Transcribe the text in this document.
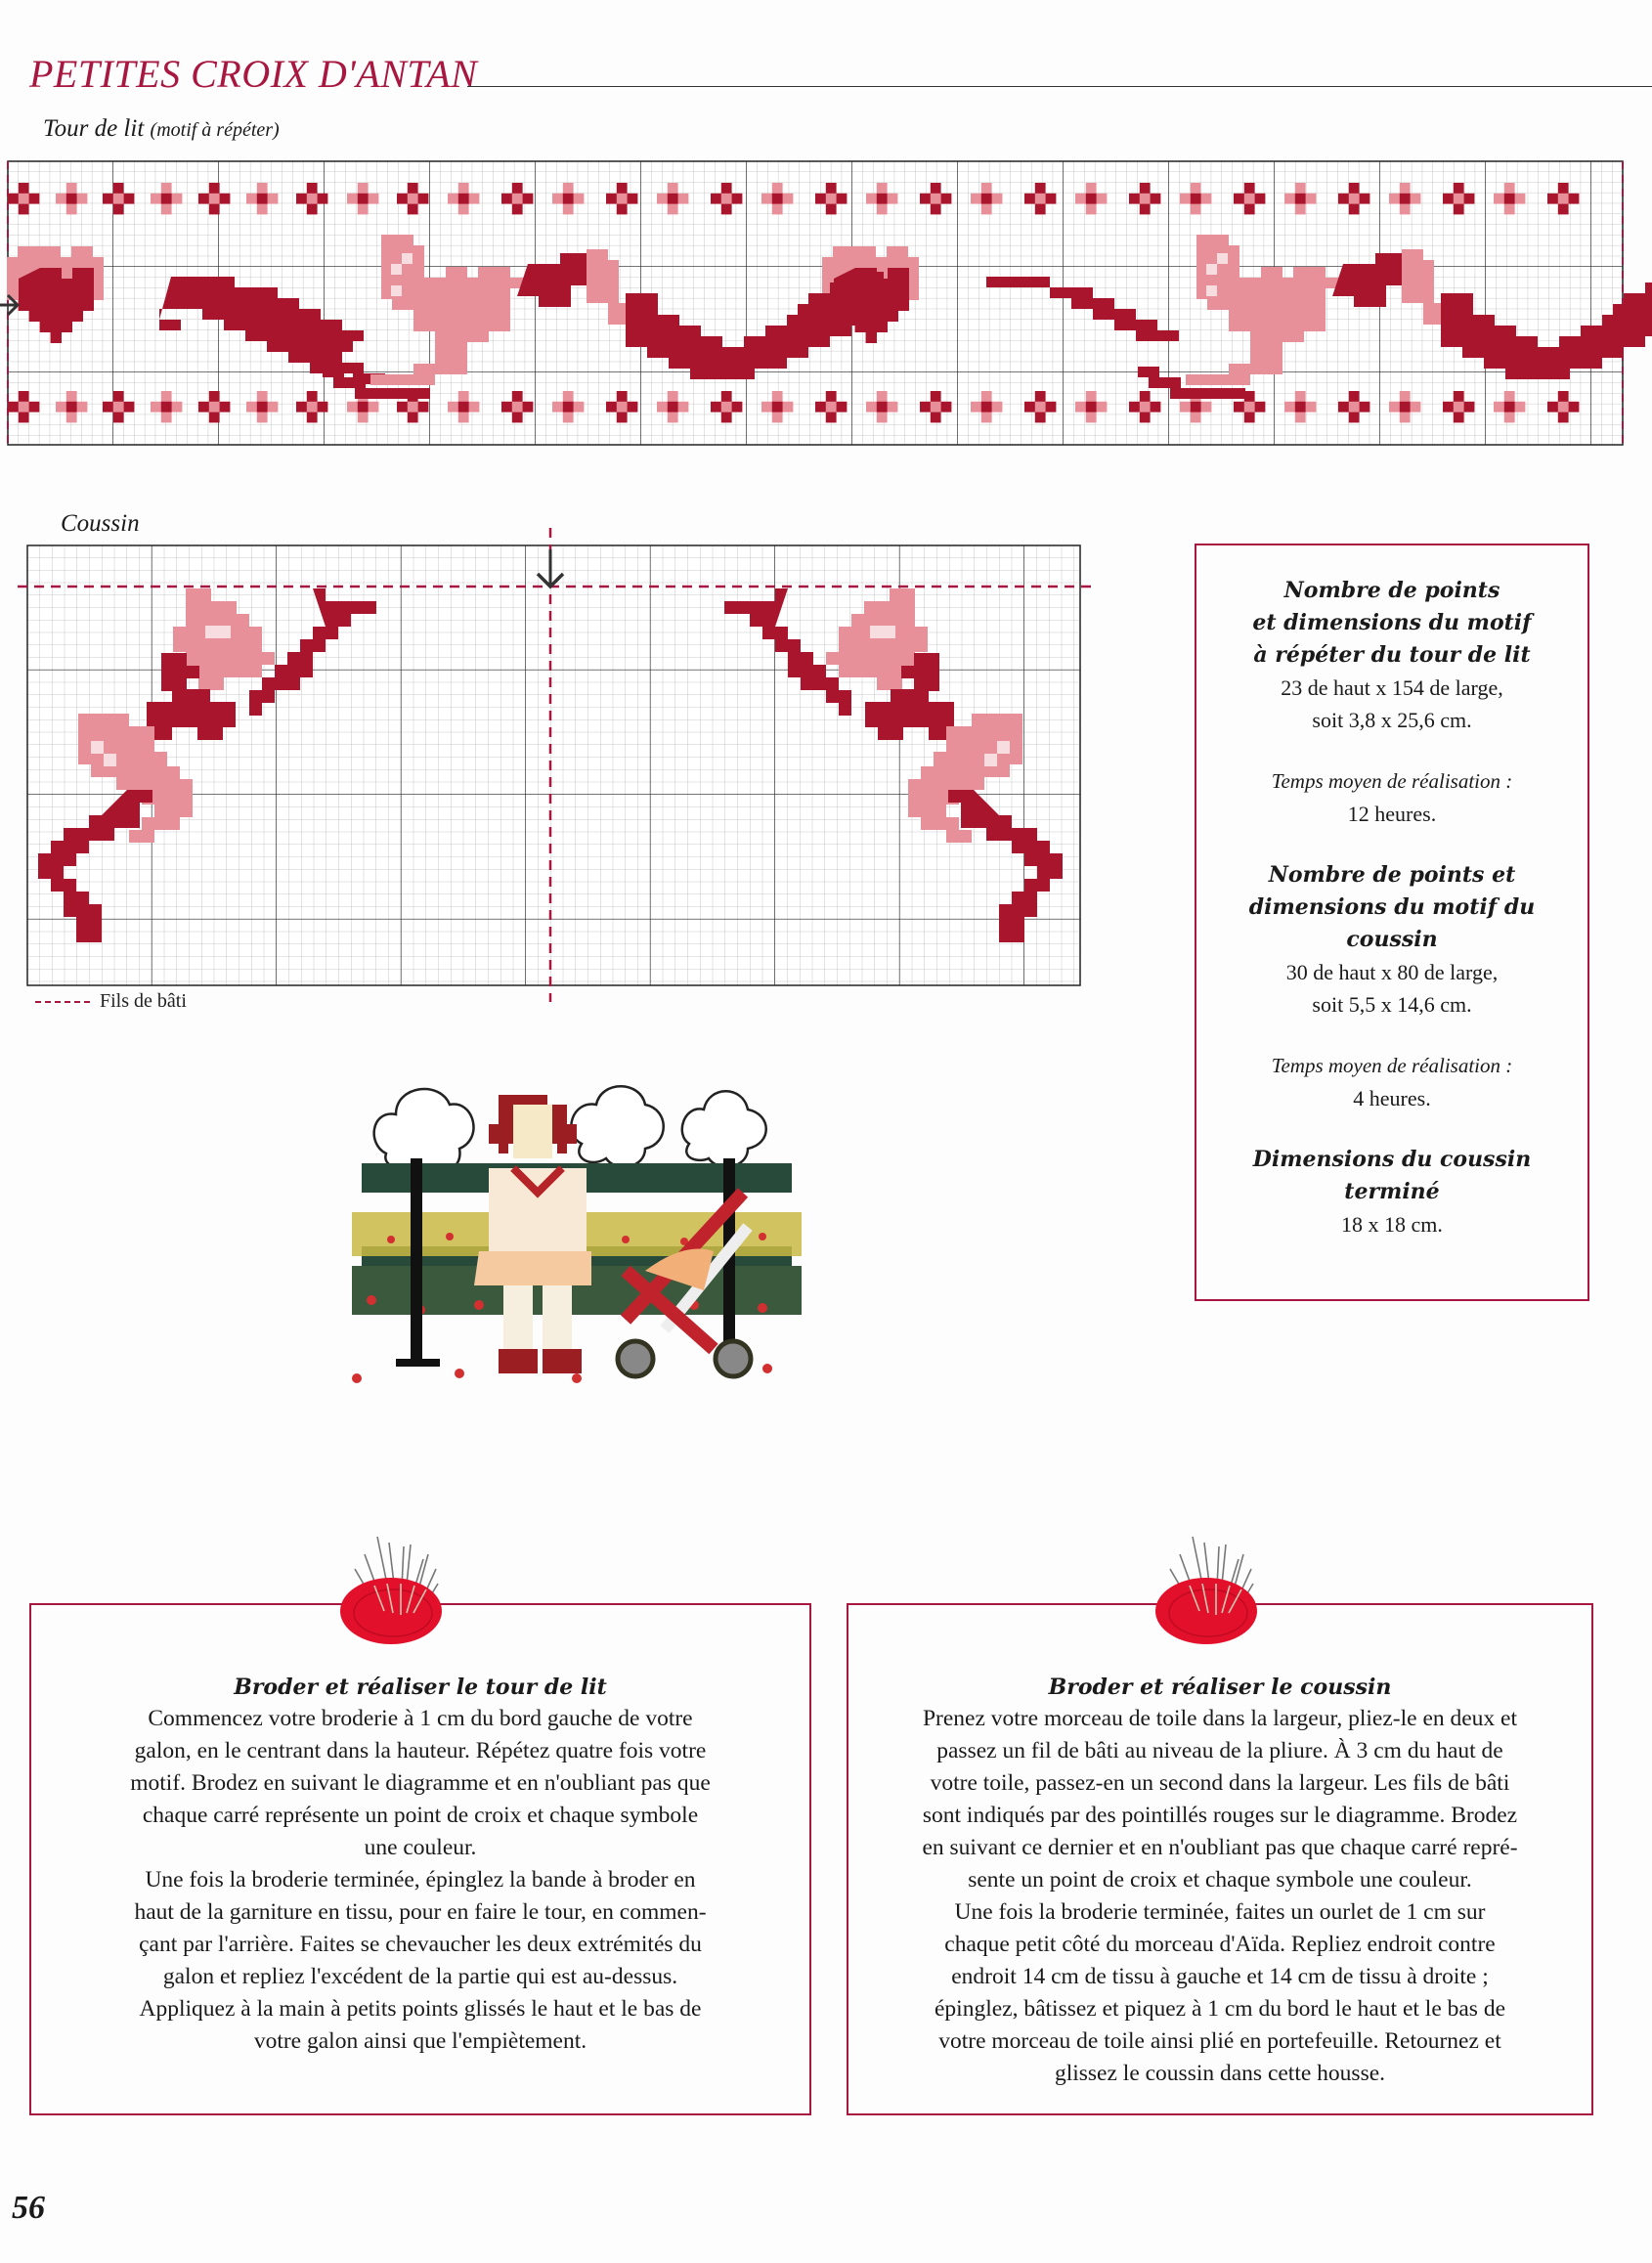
PETITES CROIX D'ANTAN
Tour de lit (motif à répéter)
Coussin
Fils de bâti
Nombre de points
et dimensions du motif
à répéter du tour de lit
23 de haut x 154 de large,
soit 3,8 x 25,6 cm.
Temps moyen de réalisation :
12 heures.
Nombre de points et
dimensions du motif du
coussin
30 de haut x 80 de large,
soit 5,5 x 14,6 cm.
Temps moyen de réalisation :
4 heures.
Dimensions du coussin
terminé
18 x 18 cm.
Broder et réaliser le tour de lit

Commencez votre broderie à 1 cm du bord gauche de votre

galon, en le centrant dans la hauteur. Répétez quatre fois votre

motif. Brodez en suivant le diagramme et en n'oubliant pas que

chaque carré représente un point de croix et chaque symbole

une couleur.

Une fois la broderie terminée, épinglez la bande à broder en

haut de la garniture en tissu, pour en faire le tour, en commen-

çant par l'arrière. Faites se chevaucher les deux extrémités du

galon et repliez l'excédent de la partie qui est au-dessus.

Appliquez à la main à petits points glissés le haut et le bas de

votre galon ainsi que l'empiètement.

Broder et réaliser le coussin

Prenez votre morceau de toile dans la largeur, pliez-le en deux et

passez un fil de bâti au niveau de la pliure. À 3 cm du haut de

votre toile, passez-en un second dans la largeur. Les fils de bâti

sont indiqués par des pointillés rouges sur le diagramme. Brodez

en suivant ce dernier et en n'oubliant pas que chaque carré repré-

sente un point de croix et chaque symbole une couleur.

Une fois la broderie terminée, faites un ourlet de 1 cm sur

chaque petit côté du morceau d'Aïda. Repliez endroit contre

endroit 14 cm de tissu à gauche et 14 cm de tissu à droite ;

épinglez, bâtissez et piquez à 1 cm du bord le haut et le bas de

votre morceau de toile ainsi plié en portefeuille. Retournez et

glissez le coussin dans cette housse.

56
